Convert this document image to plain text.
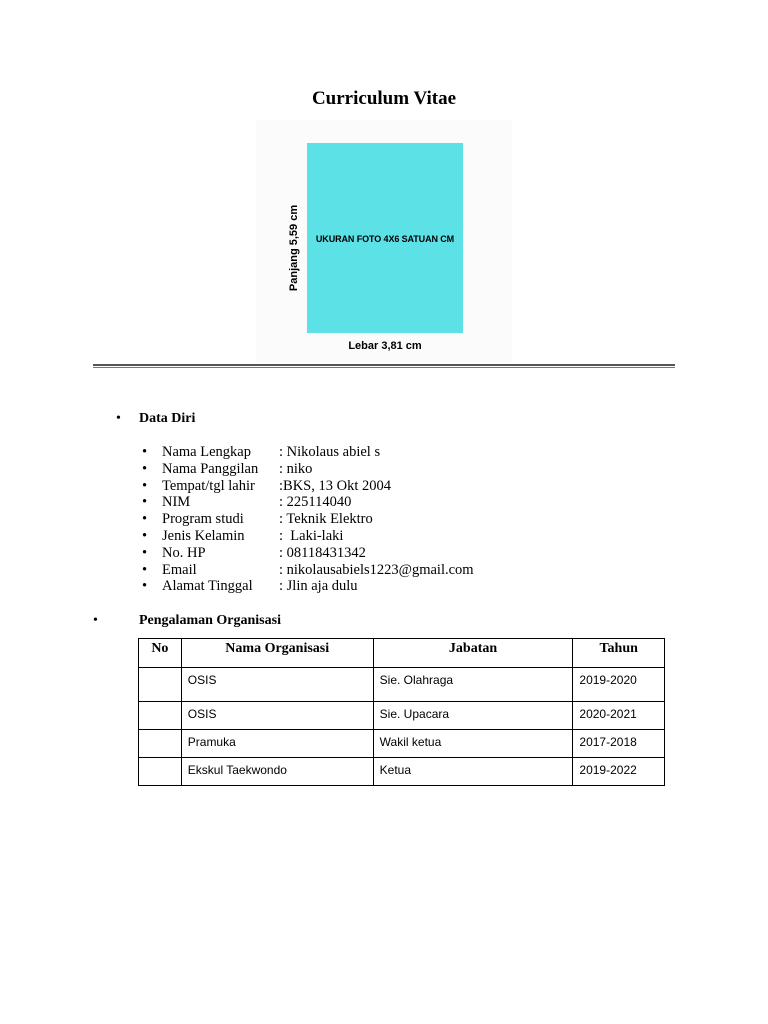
Curriculum Vitae
UKURAN FOTO 4X6 SATUAN CM
Panjang 5,59 cm
Lebar 3,81 cm
• Data Diri
• Nama Lengkap : Nikolaus abiel s
• Nama Panggilan : niko
• Tempat/tgl lahir :BKS, 13 Okt 2004
• NIM	: 225114040
• Program studi : Teknik Elektro
• Jenis Kelamin :  Laki-laki
• No. HP	: 08118431342
• Email	: nikolausabiels1223@gmail.com
• Alamat Tinggal : Jlin aja dulu
•	Pengalaman Organisasi
No	Nama Organisasi	Jabatan	Tahun
	OSIS	Sie. Olahraga	2019-2020
	OSIS	Sie. Upacara	2020-2021
	Pramuka	Wakil ketua	2017-2018
	Ekskul Taekwondo	Ketua	2019-2022
